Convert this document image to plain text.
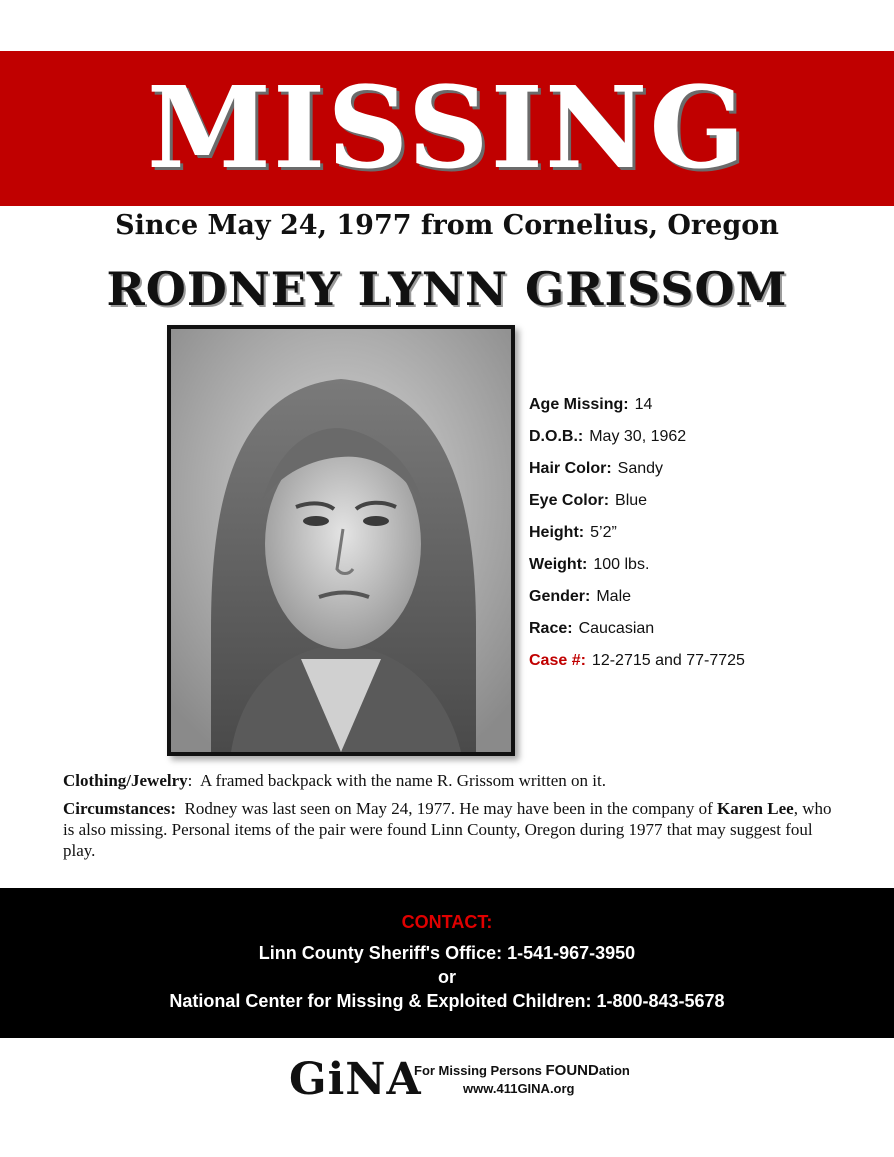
MISSING
Since May 24, 1977 from Cornelius, Oregon
RODNEY LYNN GRISSOM
Age Missing: 14
D.O.B.: May 30, 1962
Hair Color: Sandy
Eye Color: Blue
Height: 5’2”
Weight: 100 lbs.
Gender: Male
Race: Caucasian
Case #: 12-2715 and 77-7725

Clothing/Jewelry:  A framed backpack with the name R. Grissom written on it.

Circumstances: Rodney was last seen on May 24, 1977. He may have been in the company of Karen Lee, who is also missing. Personal items of the pair were found Linn County, Oregon during 1977 that may suggest foul play.

CONTACT:
Linn County Sheriff's Office: 1-541-967-3950
or
National Center for Missing & Exploited Children: 1-800-843-5678
GiNA
For Missing Persons FOUNDation
www.411GINA.org
